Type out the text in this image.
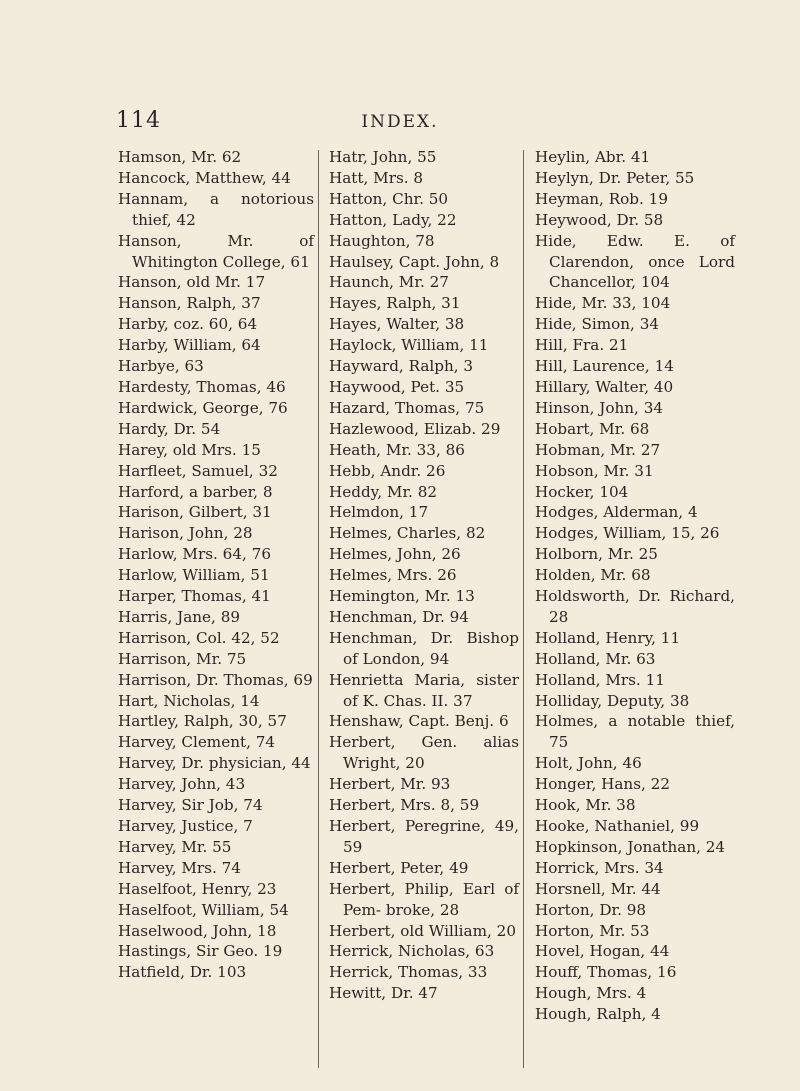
114	INDEX.
Hamson, Mr. 62
Hancock, Matthew, 44
Hannam, a notorious thief, 42
Hanson, Mr. of Whitington College, 61
Hanson, old Mr. 17
Hanson, Ralph, 37
Harby, coz. 60, 64
Harby, William, 64
Harbye, 63
Hardesty, Thomas, 46
Hardwick, George, 76
Hardy, Dr. 54
Harey, old Mrs. 15
Harfleet, Samuel, 32
Harford, a barber, 8
Harison, Gilbert, 31
Harison, John, 28
Harlow, Mrs. 64, 76
Harlow, William, 51
Harper, Thomas, 41
Harris, Jane, 89
Harrison, Col. 42, 52
Harrison, Mr. 75
Harrison, Dr. Thomas, 69
Hart, Nicholas, 14
Hartley, Ralph, 30, 57
Harvey, Clement, 74
Harvey, Dr. physician, 44
Harvey, John, 43
Harvey, Sir Job, 74
Harvey, Justice, 7
Harvey, Mr. 55
Harvey, Mrs. 74
Haselfoot, Henry, 23
Haselfoot, William, 54
Haselwood, John, 18
Hastings, Sir Geo. 19
Hatfield, Dr. 103
Hatr, John, 55
Hatt, Mrs. 8
Hatton, Chr. 50
Hatton, Lady, 22
Haughton, 78
Haulsey, Capt. John, 8
Haunch, Mr. 27
Hayes, Ralph, 31
Hayes, Walter, 38
Haylock, William, 11
Hayward, Ralph, 3
Haywood, Pet. 35
Hazard, Thomas, 75
Hazlewood, Elizab. 29
Heath, Mr. 33, 86
Hebb, Andr. 26
Heddy, Mr. 82
Helmdon, 17
Helmes, Charles, 82
Helmes, John, 26
Helmes, Mrs. 26
Hemington, Mr. 13
Henchman, Dr. 94
Henchman, Dr. Bishop of London, 94
Henrietta Maria, sister of K. Chas. II. 37
Henshaw, Capt. Benj. 6
Herbert, Gen. alias Wright, 20
Herbert, Mr. 93
Herbert, Mrs. 8, 59
Herbert, Peregrine, 49, 59
Herbert, Peter, 49
Herbert, Philip, Earl of Pem- broke, 28
Herbert, old William, 20
Herrick, Nicholas, 63
Herrick, Thomas, 33
Hewitt, Dr. 47
Heylin, Abr. 41
Heylyn, Dr. Peter, 55
Heyman, Rob. 19
Heywood, Dr. 58
Hide, Edw. E. of Clarendon, once Lord Chancellor, 104
Hide, Mr. 33, 104
Hide, Simon, 34
Hill, Fra. 21
Hill, Laurence, 14
Hillary, Walter, 40
Hinson, John, 34
Hobart, Mr. 68
Hobman, Mr. 27
Hobson, Mr. 31
Hocker, 104
Hodges, Alderman, 4
Hodges, William, 15, 26
Holborn, Mr. 25
Holden, Mr. 68
Holdsworth, Dr. Richard, 28
Holland, Henry, 11
Holland, Mr. 63
Holland, Mrs. 11
Holliday, Deputy, 38
Holmes, a notable thief, 75
Holt, John, 46
Honger, Hans, 22
Hook, Mr. 38
Hooke, Nathaniel, 99
Hopkinson, Jonathan, 24
Horrick, Mrs. 34
Horsnell, Mr. 44
Horton, Dr. 98
Horton, Mr. 53
Hovel, Hogan, 44
Houff, Thomas, 16
Hough, Mrs. 4
Hough, Ralph, 4
